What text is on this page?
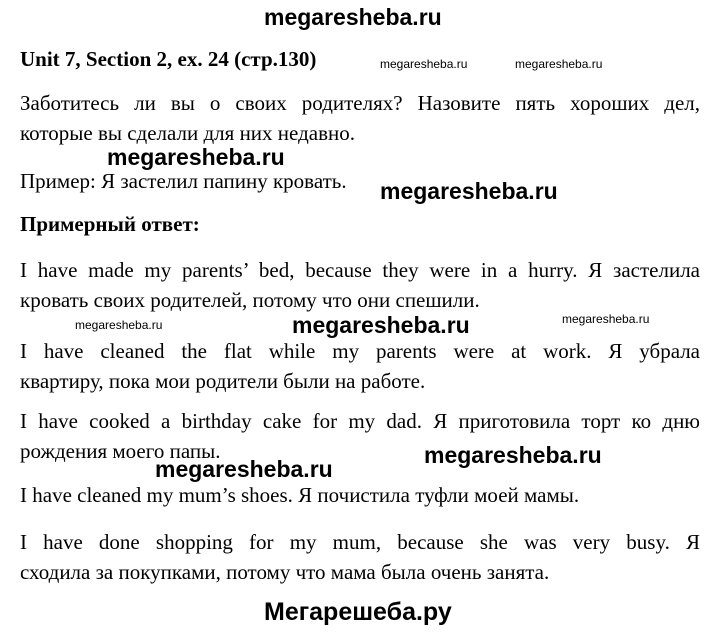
megaresheba.ru
Unit 7, Section 2, ex. 24 (стр.130)	megaresheba.ru	megaresheba.ru
Заботитесь ли вы о своих родителях? Назовите пять хороших дел,
которые вы сделали для них недавно.
megaresheba.ru
Пример: Я застелил папину кровать.	megaresheba.ru
Примерный ответ:
I have made my parents’ bed, because they were in a hurry. Я застелила
кровать своих родителей, потому что они спешили.
megaresheba.ru	megaresheba.ru	megaresheba.ru
I have cleaned the flat while my parents were at work. Я убрала
квартиру, пока мои родители были на работе.
I have cooked a birthday cake for my dad. Я приготовила торт ко дню
рождения моего папы.
megaresheba.ru
megaresheba.ru
I have cleaned my mum’s shoes. Я почистила туфли моей мамы.
I have done shopping for my mum, because she was very busy. Я
сходила за покупками, потому что мама была очень занята.
Мегарешеба.ру
